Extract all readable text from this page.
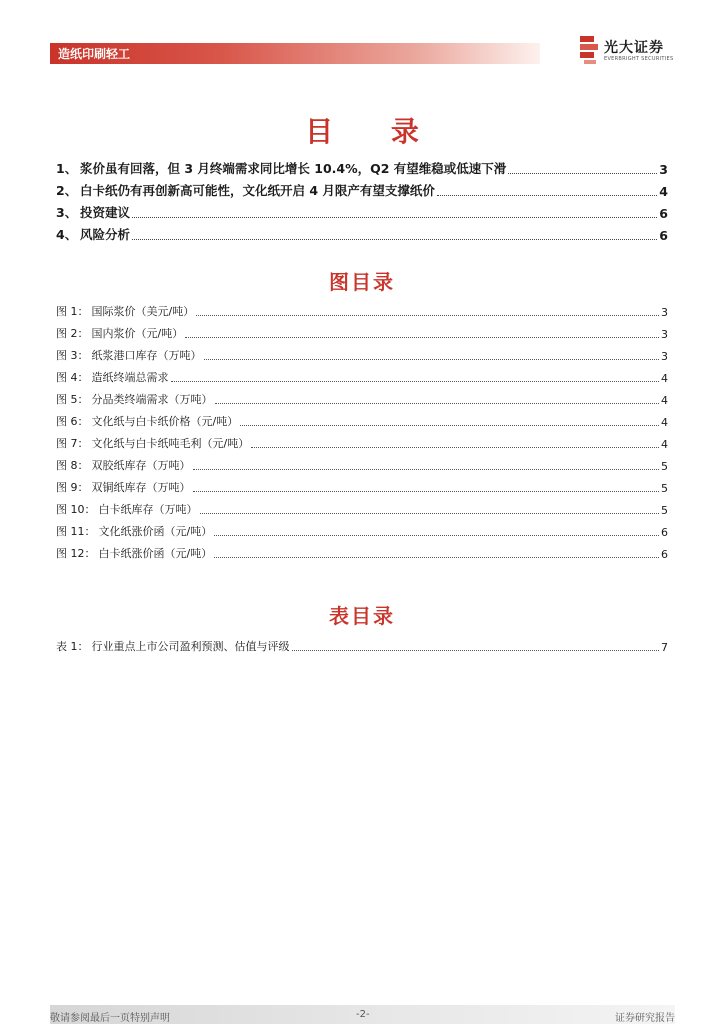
造纸印刷轻工	光大证券
EVERBRIGHT SECURITIES
目 录
1、 浆价虽有回落，但 3 月终端需求同比增长 10.4%，Q2 有望维稳或低速下滑	3
2、 白卡纸仍有再创新高可能性，文化纸开启 4 月限产有望支撑纸价	4
3、 投资建议	6
4、 风险分析	6
图目录
图 1： 国际浆价（美元/吨）	3
图 2： 国内浆价（元/吨）	3
图 3： 纸浆港口库存（万吨）	3
图 4： 造纸终端总需求	4
图 5： 分品类终端需求（万吨）	4
图 6： 文化纸与白卡纸价格（元/吨）	4
图 7： 文化纸与白卡纸吨毛利（元/吨）	4
图 8： 双胶纸库存（万吨）	5
图 9： 双铜纸库存（万吨）	5
图 10： 白卡纸库存（万吨）	5
图 11： 文化纸涨价函（元/吨）	6
图 12： 白卡纸涨价函（元/吨）	6
表目录
表 1： 行业重点上市公司盈利预测、估值与评级	7
敬请参阅最后一页特别声明	-2-	证券研究报告
